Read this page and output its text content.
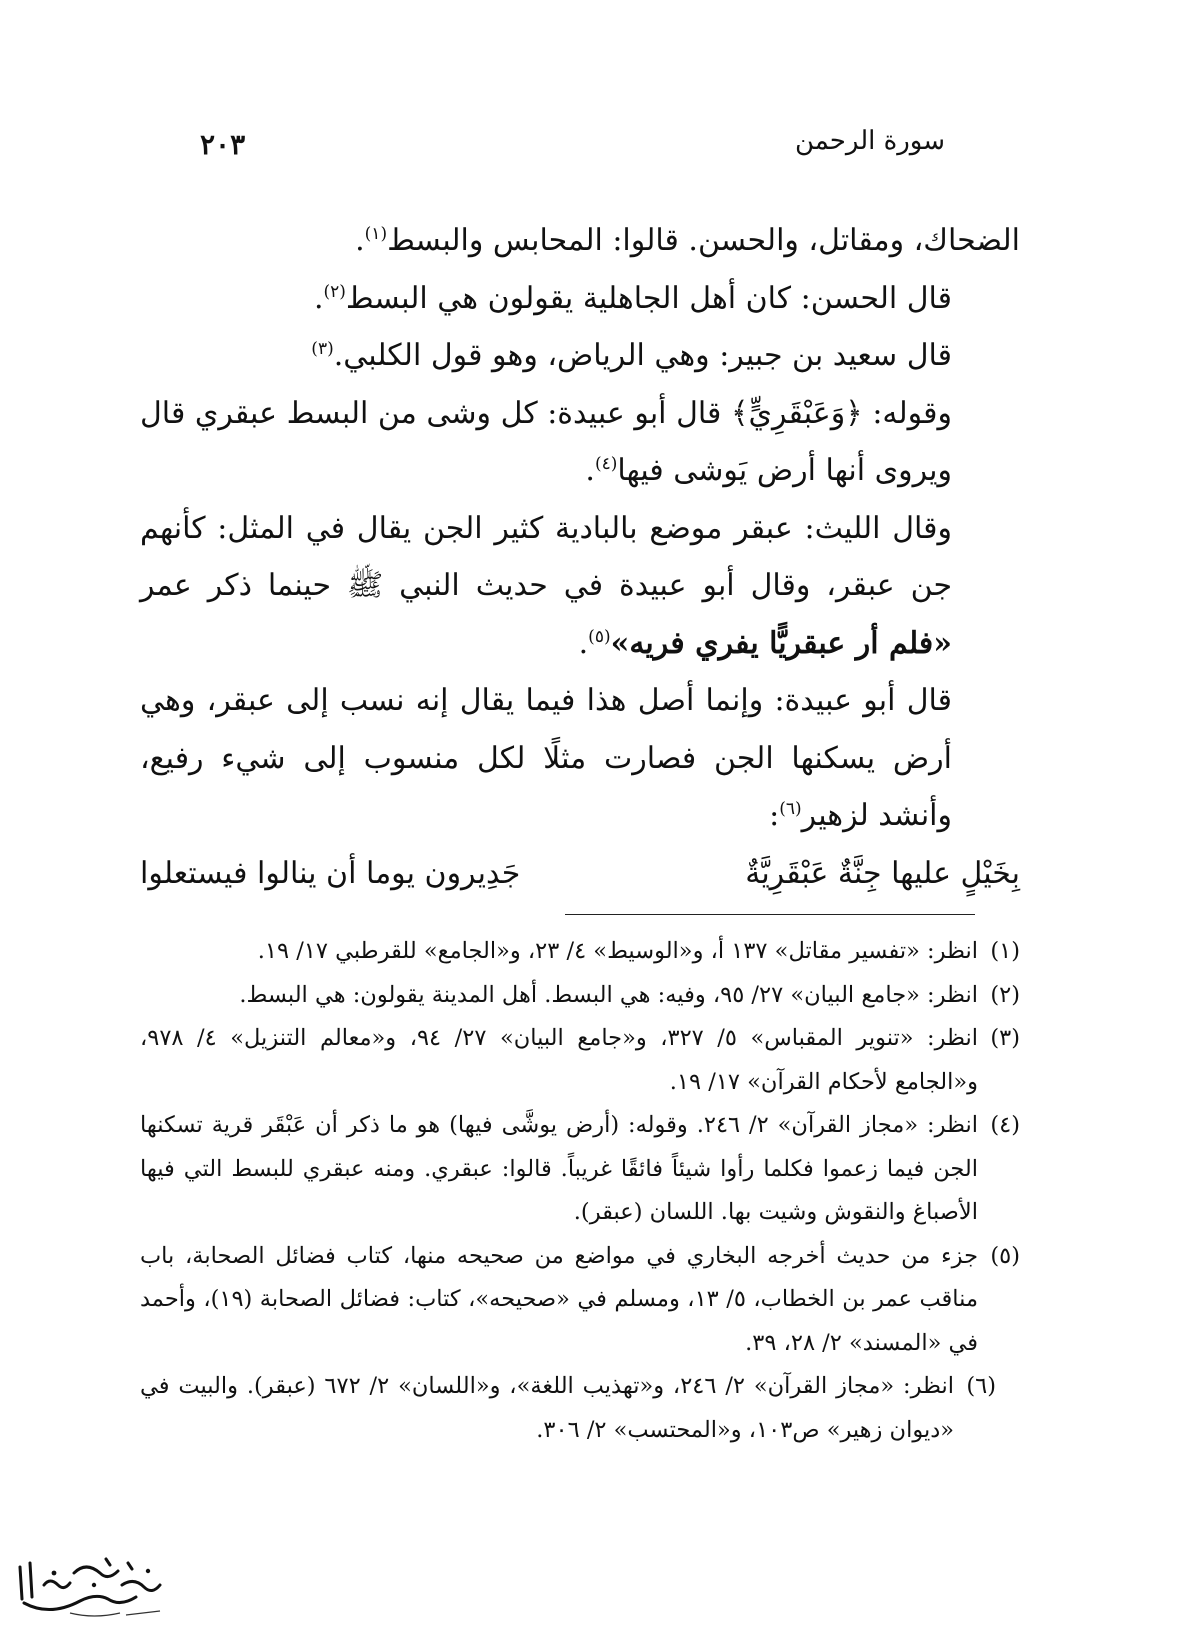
سورة الرحمن
٢٠٣

الضحاك، ومقاتل، والحسن. قالوا: المحابس والبسط$^{(١)}$.

قال الحسن: كان أهل الجاهلية يقولون هي البسط$^{(٢)}$.

قال سعيد بن جبير: وهي الرياض، وهو قول الكلبي.$^{(٣)}$

وقوله: ﴿وَعَبْقَرِيٍّ﴾ قال أبو عبيدة: كل وشى من البسط عبقري قال ويروى أنها أرض يَوشى فيها$^{(٤)}$.

وقال الليث: عبقر موضع بالبادية كثير الجن يقال في المثل: كأنهم جن عبقر، وقال أبو عبيدة في حديث النبي ﷺ حينما ذكر عمر «فلم أر عبقريًّا يفري فريه»$^{(٥)}$.

قال أبو عبيدة: وإنما أصل هذا فيما يقال إنه نسب إلى عبقر، وهي أرض يسكنها الجن فصارت مثلًا لكل منسوب إلى شيء رفيع، وأنشد لزهير$^{(٦)}$:

بِخَيْلٍ عليها جِنَّةٌ عَبْقَرِيَّةٌ
جَدِيرون يوما أن ينالوا فيستعلوا
(١)
انظر: «تفسير مقاتل» ١٣٧ أ، و«الوسيط» ٤/ ٢٣، و«الجامع» للقرطبي ١٧/ ١٩.
(٢)
انظر: «جامع البيان» ٢٧/ ٩٥، وفيه: هي البسط. أهل المدينة يقولون: هي البسط.
(٣)
انظر: «تنوير المقباس» ٥/ ٣٢٧، و«جامع البيان» ٢٧/ ٩٤، و«معالم التنزيل» ٤/ ٩٧٨، و«الجامع لأحكام القرآن» ١٧/ ١٩.
(٤)
انظر: «مجاز القرآن» ٢/ ٢٤٦. وقوله: (أرض يوشَّى فيها) هو ما ذكر أن عَبْقَر قرية تسكنها الجن فيما زعموا فكلما رأوا شيئاً فائقًا غريباً. قالوا: عبقري. ومنه عبقري للبسط التي فيها الأصباغ والنقوش وشيت بها. اللسان (عبقر).
(٥)
جزء من حديث أخرجه البخاري في مواضع من صحيحه منها، كتاب فضائل الصحابة، باب مناقب عمر بن الخطاب، ٥/ ١٣، ومسلم في «صحيحه»، كتاب: فضائل الصحابة (١٩)، وأحمد في «المسند» ٢/ ٢٨، ٣٩.
(٦)
انظر: «مجاز القرآن» ٢/ ٢٤٦، و«تهذيب اللغة»، و«اللسان» ٢/ ٦٧٢ (عبقر). والبيت في «ديوان زهير» ص١٠٣، و«المحتسب» ٢/ ٣٠٦.
